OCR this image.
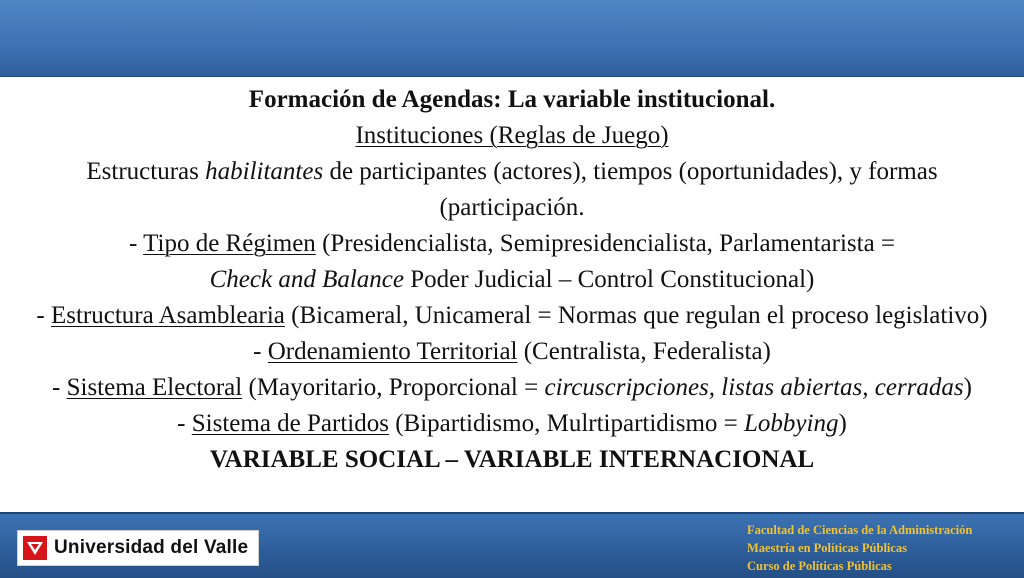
Formación de Agendas: La variable institucional.
Instituciones (Reglas de Juego)
Estructuras habilitantes de participantes (actores), tiempos (oportunidades), y formas (participación.
- Tipo de Régimen (Presidencialista, Semipresidencialista, Parlamentarista =
Check and Balance Poder Judicial – Control Constitucional)
- Estructura Asamblearia (Bicameral, Unicameral = Normas que regulan el proceso legislativo)
- Ordenamiento Territorial (Centralista, Federalista)
- Sistema Electoral (Mayoritario, Proporcional = circuscripciones, listas abiertas, cerradas)
- Sistema de Partidos (Bipartidismo, Mulrtipartidismo = Lobbying)
VARIABLE SOCIAL – VARIABLE INTERNACIONAL
Universidad del Valle
Facultad de Ciencias de la Administración
Maestría en Políticas Públicas
Curso de Políticas Públicas
